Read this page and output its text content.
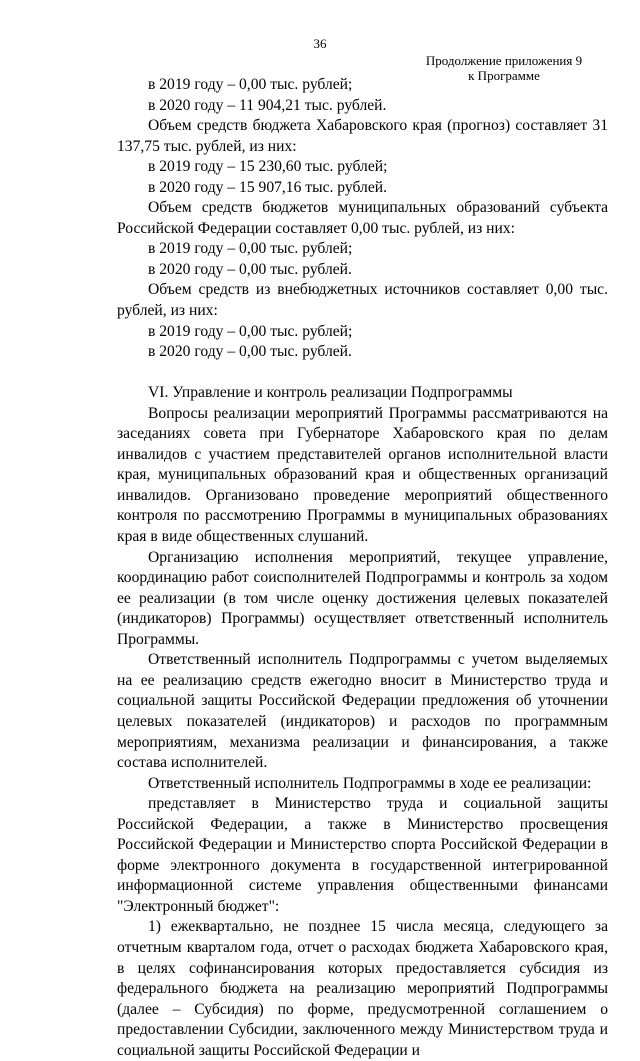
36
Продолжение приложения 9
к Программе

в 2019 году – 0,00 тыс. рублей;

в 2020 году – 11 904,21 тыс. рублей.

Объем средств бюджета Хабаровского края (прогноз) составляет 31 137,75 тыс. рублей, из них:

в 2019 году – 15 230,60 тыс. рублей;

в 2020 году – 15 907,16 тыс. рублей.

Объем средств бюджетов муниципальных образований субъекта Российской Федерации составляет 0,00 тыс. рублей, из них:

в 2019 году – 0,00 тыс. рублей;

в 2020 году – 0,00 тыс. рублей.

Объем средств из внебюджетных источников составляет 0,00 тыс. рублей, из них:

в 2019 году – 0,00 тыс. рублей;

в 2020 году – 0,00 тыс. рублей.

VI. Управление и контроль реализации Подпрограммы

Вопросы реализации мероприятий Программы рассматриваются на заседаниях совета при Губернаторе Хабаровского края по делам инвалидов с участием представителей органов исполнительной власти края, муниципальных образований края и общественных организаций инвалидов. Организовано проведение мероприятий общественного контроля по рассмотрению Программы в муниципальных образованиях края в виде общественных слушаний.

Организацию исполнения мероприятий, текущее управление, координацию работ соисполнителей Подпрограммы и контроль за ходом ее реализации (в том числе оценку достижения целевых показателей (индикаторов) Программы) осуществляет ответственный исполнитель Программы.

Ответственный исполнитель Подпрограммы с учетом выделяемых на ее реализацию средств ежегодно вносит в Министерство труда и социальной защиты Российской Федерации предложения об уточнении целевых показателей (индикаторов) и расходов по программным мероприятиям, механизма реализации и финансирования, а также состава исполнителей.

Ответственный исполнитель Подпрограммы в ходе ее реализации:

представляет в Министерство труда и социальной защиты Российской Федерации, а также в Министерство просвещения Российской Федерации и Министерство спорта Российской Федерации в форме электронного документа в государственной интегрированной информационной системе управления общественными финансами "Электронный бюджет":

1) ежеквартально, не позднее 15 числа месяца, следующего за отчетным кварталом года, отчет о расходах бюджета Хабаровского края, в целях софинансирования которых предоставляется субсидия из федерального бюджета на реализацию мероприятий Подпрограммы (далее – Субсидия) по форме, предусмотренной соглашением о предоставлении Субсидии, заключенного между Министерством труда и социальной защиты Российской Федерации и
